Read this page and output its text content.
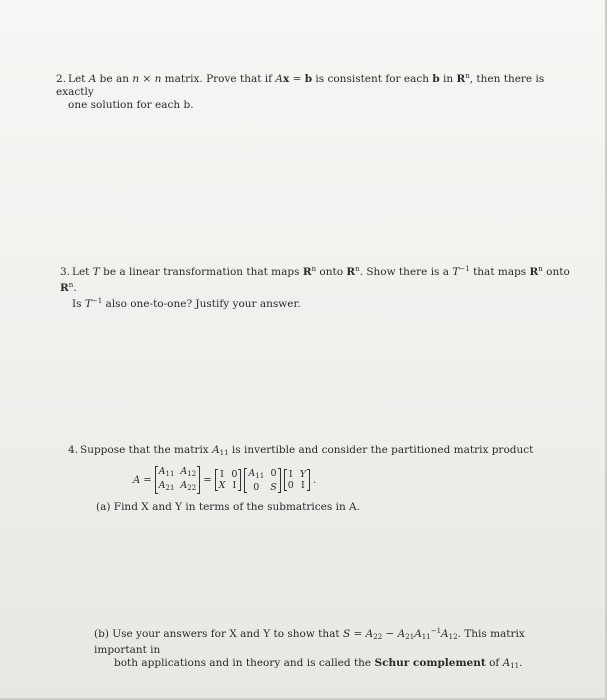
2. Let A be an n × n matrix. Prove that if Ax = b is consistent for each b in $R^n$, then there is exactly
one solution for each b.
3. Let T be a linear transformation that maps $R^n$ onto $R^n$. Show there is a $T^{-1}$ that maps $R^n$ onto $R^n$.
Is $T^{-1}$ also one-to-one? Justify your answer.
4. Suppose that the matrix $A_{11}$ is invertible and consider the partitioned matrix product
A =
$A_{11}$ $A_{12}$
$A_{21}$ $A_{22}$
= I 0
X I
$A_{11}$ 0
0	S
I Y
0 I .
(a) Find X and Y in terms of the submatrices in A.
(b) Use your answers for X and Y to show that $S = A_{22} - A_{21}A_{11}^{-1}A_{12}$. This matrix important in
both applications and in theory and is called the Schur complement of $A_{11}$.
